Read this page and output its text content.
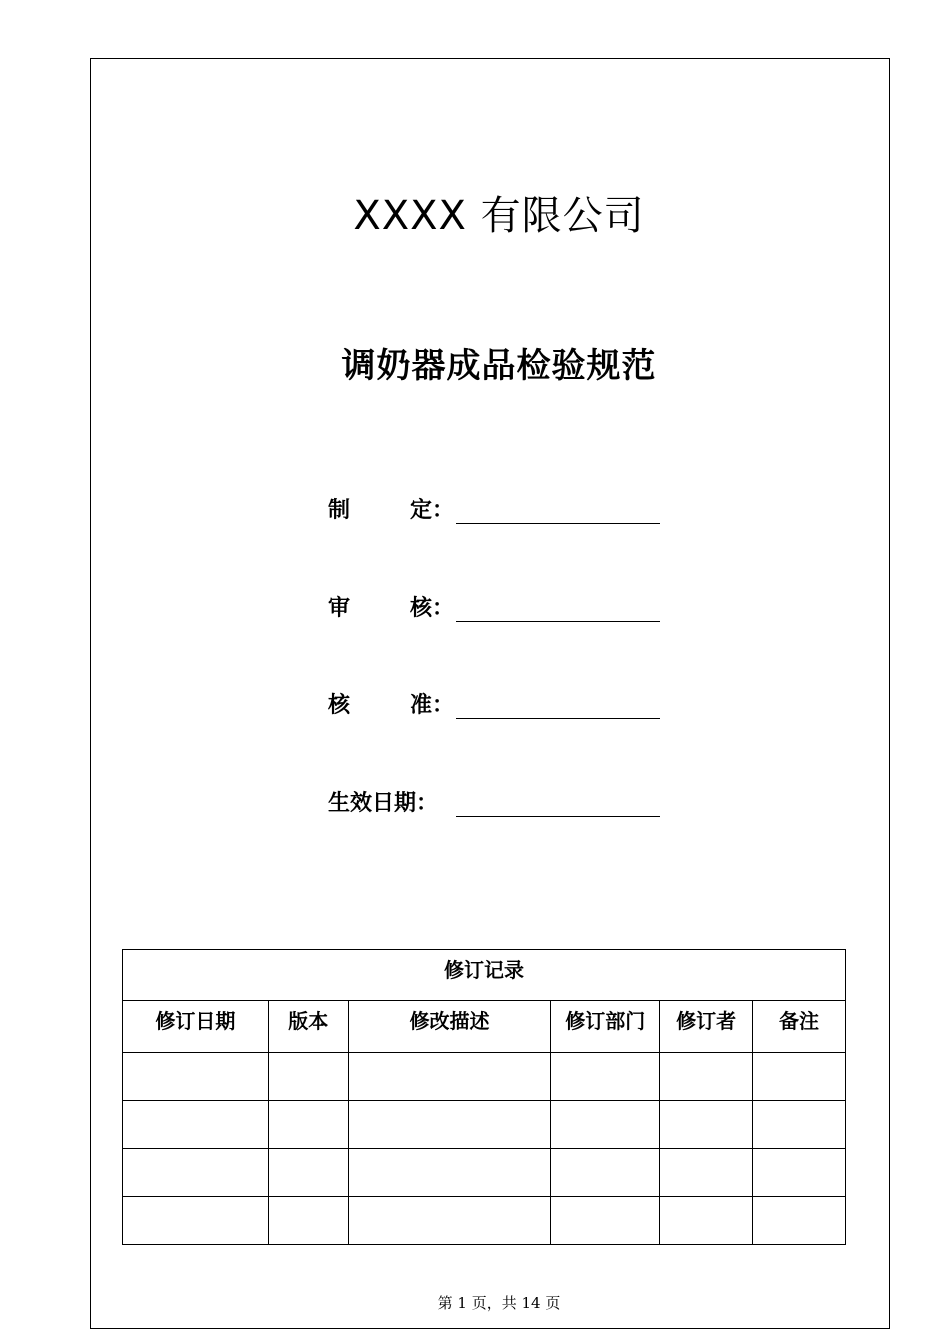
XXXX 有限公司
调奶器成品检验规范
制	定：
审	核：
核	准：
生效日期：
修订记录					
修订日期	版本	修改描述	修订部门	修订者	备注

第 1 页，共 14 页
